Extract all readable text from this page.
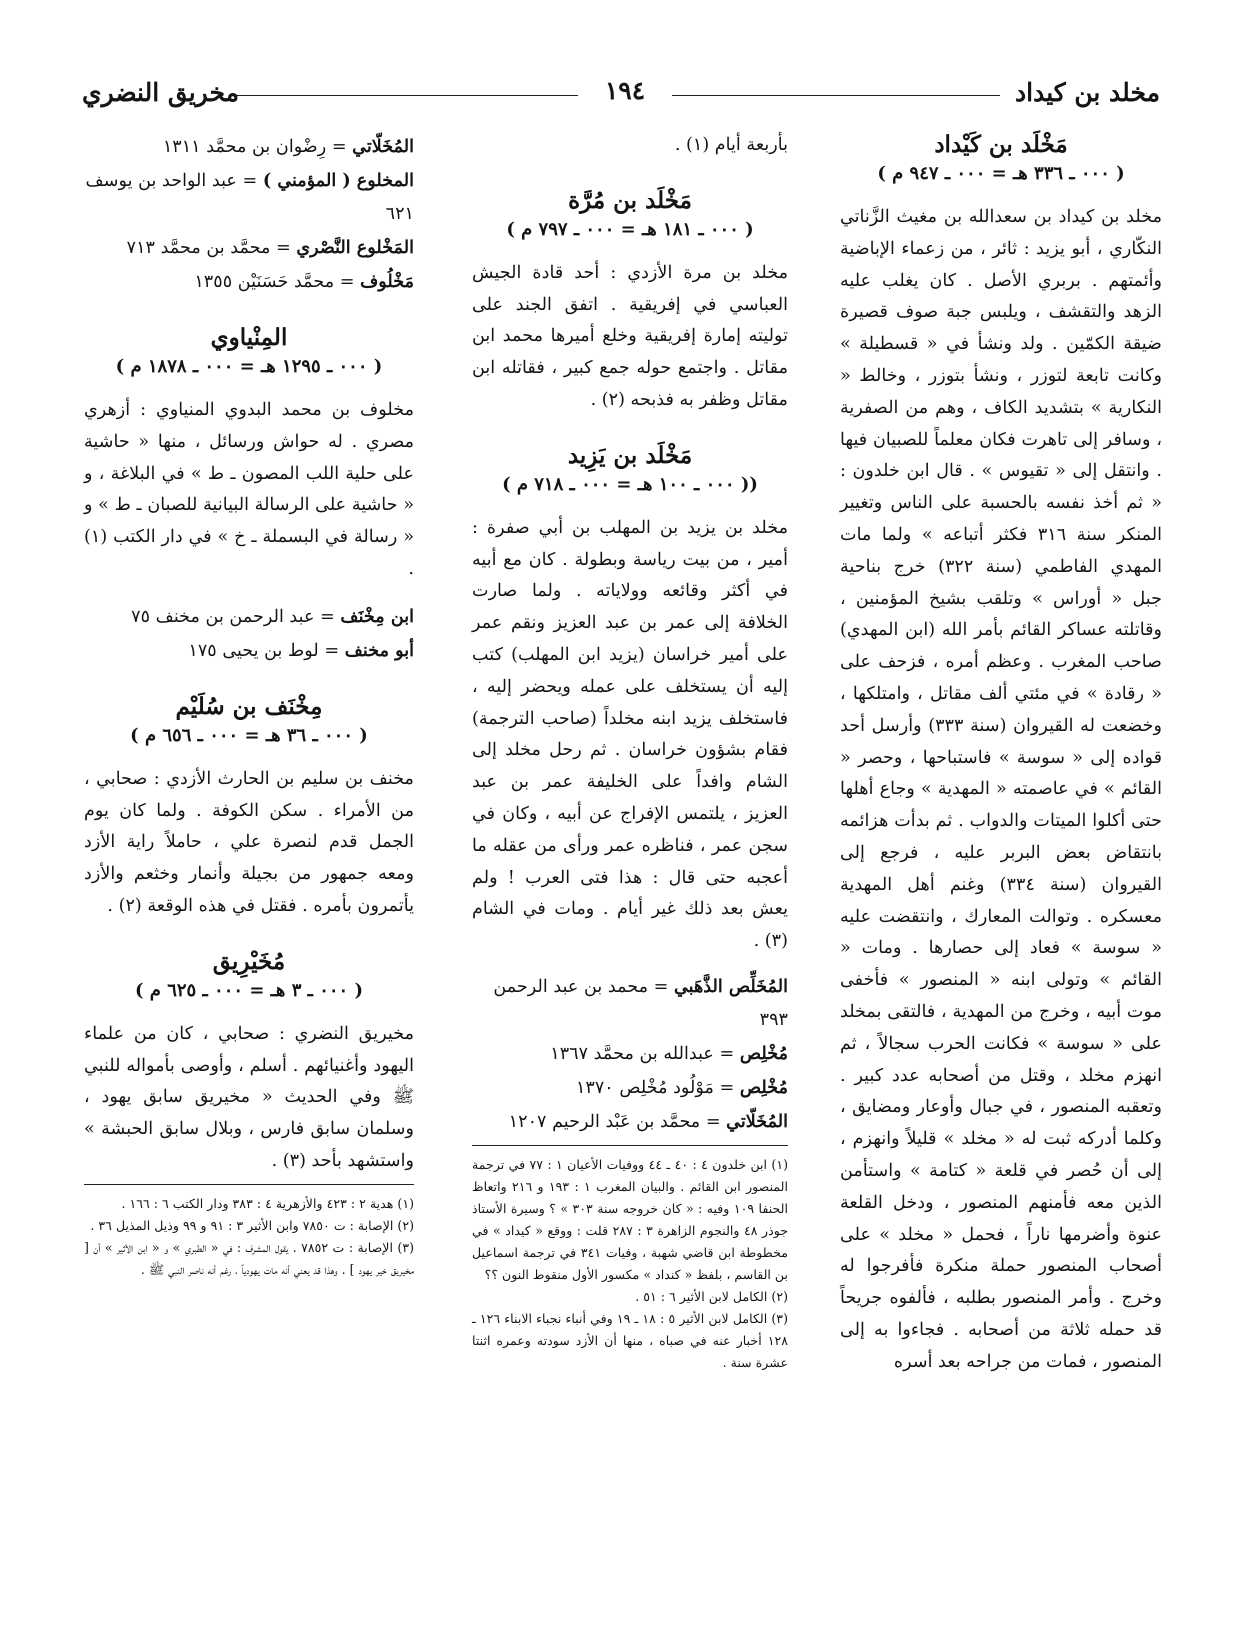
مخلد بن كيداد
١٩٤
مخريق النضري

مَخْلَد بن كَيْداد

( ٠٠٠ ـ ٣٣٦ هـ = ٠٠٠ ـ ٩٤٧ م )

مخلد بن كيداد بن سعدالله بن مغيث الزَّناتي النكّاري ، أبو يزيد : ثائر ، من زعماء الإباضية وأئمتهم . بربري الأصل . كان يغلب عليه الزهد والتقشف ، ويلبس جبة صوف قصيرة ضيقة الكمّين . ولد ونشأ في « قسطيلة » وكانت تابعة لتوزر ، ونشأ بتوزر ، وخالط « النكارية » بتشديد الكاف ، وهم من الصفرية ، وسافر إلى تاهرت فكان معلماً للصبيان فيها . وانتقل إلى « تقيوس » . قال ابن خلدون : « ثم أخذ نفسه بالحسبة على الناس وتغيير المنكر سنة ٣١٦ فكثر أتباعه » ولما مات المهدي الفاطمي (سنة ٣٢٢) خرج بناحية جبل « أوراس » وتلقب بشيخ المؤمنين ، وقاتلته عساكر القائم بأمر الله (ابن المهدي) صاحب المغرب . وعظم أمره ، فزحف على « رقادة » في مئتي ألف مقاتل ، وامتلكها ، وخضعت له القيروان (سنة ٣٣٣) وأرسل أحد قواده إلى « سوسة » فاستباحها ، وحصر « القائم » في عاصمته « المهدية » وجاع أهلها حتى أكلوا الميتات والدواب . ثم بدأت هزائمه بانتقاض بعض البربر عليه ، فرجع إلى القيروان (سنة ٣٣٤) وغنم أهل المهدية معسكره . وتوالت المعارك ، وانتقضت عليه « سوسة » فعاد إلى حصارها . ومات « القائم » وتولى ابنه « المنصور » فأخفى موت أبيه ، وخرج من المهدية ، فالتقى بمخلد على « سوسة » فكانت الحرب سجالاً ، ثم انهزم مخلد ، وقتل من أصحابه عدد كبير . وتعقبه المنصور ، في جبال وأوعار ومضايق ، وكلما أدركه ثبت له « مخلد » قليلاً وانهزم ، إلى أن حُصر في قلعة « كتامة » واستأمن الذين معه فأمنهم المنصور ، ودخل القلعة عنوة وأضرمها ناراً ، فحمل « مخلد » على أصحاب المنصور حملة منكرة فأفرجوا له وخرج . وأمر المنصور بطلبه ، فألفوه جريحاً قد حمله ثلاثة من أصحابه . فجاءوا به إلى المنصور ، فمات من جراحه بعد أسره

بأربعة أيام (١) .

مَخْلَد بن مُرَّة

( ٠٠٠ ـ ١٨١ هـ = ٠٠٠ ـ ٧٩٧ م )

مخلد بن مرة الأزدي : أحد قادة الجيش العباسي في إفريقية . اتفق الجند على توليته إمارة إفريقية وخلع أميرها محمد ابن مقاتل . واجتمع حوله جمع كبير ، فقاتله ابن مقاتل وظفر به فذبحه (٢) .

مَخْلَد بن يَزِيد

(( ٠٠٠ ـ ١٠٠ هـ = ٠٠٠ ـ ٧١٨ م )

مخلد بن يزيد بن المهلب بن أبي صفرة : أمير ، من بيت رياسة وبطولة . كان مع أبيه في أكثر وقائعه وولاياته . ولما صارت الخلافة إلى عمر بن عبد العزيز ونقم عمر على أمير خراسان (يزيد ابن المهلب) كتب إليه أن يستخلف على عمله ويحضر إليه ، فاستخلف يزيد ابنه مخلداً (صاحب الترجمة) فقام بشؤون خراسان . ثم رحل مخلد إلى الشام وافداً على الخليفة عمر بن عبد العزيز ، يلتمس الإفراج عن أبيه ، وكان في سجن عمر ، فناظره عمر ورأى من عقله ما أعجبه حتى قال : هذا فتى العرب ! ولم يعش بعد ذلك غير أيام . ومات في الشام (٣) .

المُخَلِّص الذَّهَبي = محمد بن عبد الرحمن ٣٩٣

مُخْلِص = عبدالله بن محمَّد ١٣٦٧

مُخْلِص = مَوْلُود مُخْلِص ١٣٧٠

المُخَلّاتي = محمَّد بن عَبْد الرحيم ١٢٠٧

(١) ابن خلدون ٤ : ٤٠ ـ ٤٤ ووفيات الأعيان ١ : ٧٧ في ترجمة المنصور ابن القائم . والبيان المغرب ١ : ١٩٣ و ٢١٦ واتعاظ الحنفا ١٠٩ وفيه : « كان خروجه سنة ٣٠٣ » ؟ وسيرة الأستاذ جوذر ٤٨ والنجوم الزاهرة ٣ : ٢٨٧ قلت : ووقع « كيداد » في مخطوطة ابن قاضي شهبة ، وفيات ٣٤١ في ترجمة اسماعيل بن القاسم ، بلفظ « كنداد » مكسور الأول منقوط النون ؟؟

(٢) الكامل لابن الأثير ٦ : ٥١ .

(٣) الكامل لابن الأثير ٥ : ١٨ ـ ١٩ وفي أنباء نجباء الابناء ١٢٦ ـ ١٢٨ أخبار عنه في صباه ، منها أن الأزد سودته وعمره اثنتا عشرة سنة .

المُخَلّاتي = رِضْوان بن محمَّد ١٣١١

المخلوع ( المؤمني ) = عبد الواحد بن يوسف ٦٢١

المَخْلوع النَّصْري = محمَّد بن محمَّد ٧١٣

مَخْلُوف = محمَّد حَسَنَيْن ١٣٥٥

المِنْياوي

( ٠٠٠ ـ ١٢٩٥ هـ = ٠٠٠ ـ ١٨٧٨ م )

مخلوف بن محمد البدوي المنياوي : أزهري مصري . له حواش ورسائل ، منها « حاشية على حلية اللب المصون ـ ط » في البلاغة ، و « حاشية على الرسالة البيانية للصبان ـ ط » و « رسالة في البسملة ـ خ » في دار الكتب (١) .

ابن مِخْنَف = عبد الرحمن بن مخنف ٧٥

أبو مخنف = لوط بن يحيى ١٧٥

مِخْنَف بن سُلَيْم

( ٠٠٠ ـ ٣٦ هـ = ٠٠٠ ـ ٦٥٦ م )

مخنف بن سليم بن الحارث الأزدي : صحابي ، من الأمراء . سكن الكوفة . ولما كان يوم الجمل قدم لنصرة علي ، حاملاً راية الأزد ومعه جمهور من بجيلة وأنمار وخثعم والأزد يأتمرون بأمره . فقتل في هذه الوقعة (٢) .

مُخَيْرِيق

( ٠٠٠ ـ ٣ هـ = ٠٠٠ ـ ٦٢٥ م )

مخيريق النضري : صحابي ، كان من علماء اليهود وأغنيائهم . أسلم ، وأوصى بأمواله للنبي ﷺ وفي الحديث « مخيريق سابق يهود ، وسلمان سابق فارس ، وبلال سابق الحبشة » واستشهد بأحد (٣) .

(١) هدية ٢ : ٤٢٣ والأزهرية ٤ : ٣٨٣ ودار الكتب ٦ : ١٦٦ .

(٢) الإصابة : ت ٧٨٥٠ وابن الأثير ٣ : ٩١ و ٩٩ وذيل المذيل ٣٦ .

(٣) الإصابة : ت ٧٨٥٢ . يقول المشرف : في « الطبري » و « ابن الأثير » أن [ مخيريق خير يهود ] . وهذا قد يعني أنه مات يهودياً ، رغم أنه ناصر النبي ﷺ .
